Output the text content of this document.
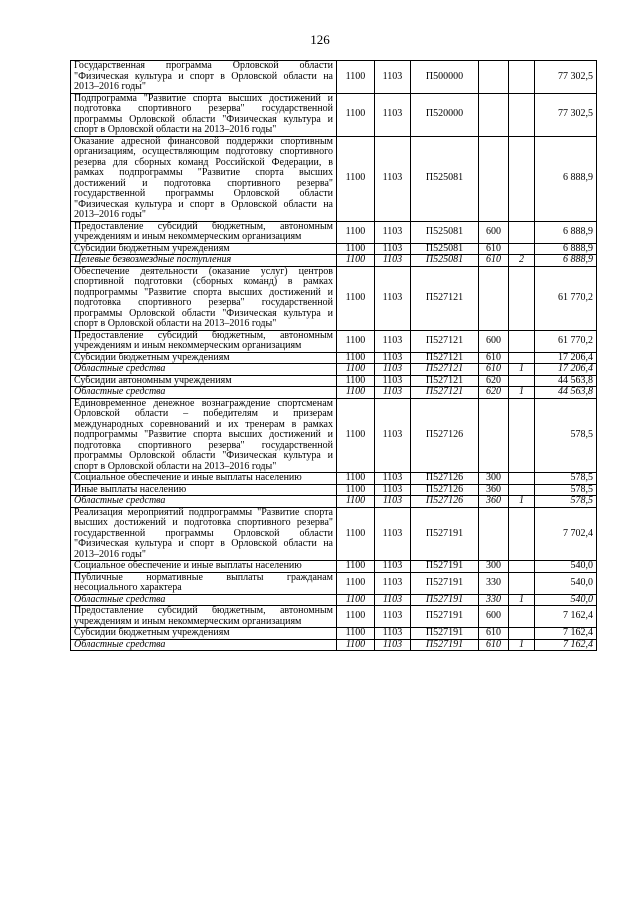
126
Государственная программа Орловской области "Физическая культура и спорт в Орловской области на 2013–2016 годы"	1100	1103	П500000			77 302,5
Подпрограмма "Развитие спорта высших достижений и подготовка спортивного резерва" государственной программы Орловской области "Физическая культура и спорт в Орловской области на 2013–2016 годы"	1100	1103	П520000			77 302,5
Оказание адресной финансовой поддержки спортивным организациям, осуществляющим подготовку спортивного резерва для сборных команд Российской Федерации, в рамках подпрограммы "Развитие спорта высших достижений и подготовка спортивного резерва" государственной программы Орловской области "Физическая культура и спорт в Орловской области на 2013–2016 годы"	1100	1103	П525081			6 888,9
Предоставление субсидий бюджетным, автономным учреждениям и иным некоммерческим организациям	1100	1103	П525081	600		6 888,9
Субсидии бюджетным учреждениям	1100	1103	П525081	610		6 888,9
Целевые безвозмездные поступления	1100	1103	П525081	610	2	6 888,9
Обеспечение деятельности (оказание услуг) центров спортивной подготовки (сборных команд) в рамках подпрограммы "Развитие спорта высших достижений и подготовка спортивного резерва" государственной программы Орловской области "Физическая культура и спорт в Орловской области на 2013–2016 годы"	1100	1103	П527121			61 770,2
Предоставление субсидий бюджетным, автономным учреждениям и иным некоммерческим организациям	1100	1103	П527121	600		61 770,2
Субсидии бюджетным учреждениям	1100	1103	П527121	610		17 206,4
Областные средства	1100	1103	П527121	610	1	17 206,4
Субсидии автономным учреждениям	1100	1103	П527121	620		44 563,8
Областные средства	1100	1103	П527121	620	1	44 563,8
Единовременное денежное вознаграждение спортсменам Орловской области – победителям и призерам международных соревнований и их тренерам в рамках подпрограммы "Развитие спорта высших достижений и подготовка спортивного резерва" государственной программы Орловской области "Физическая культура и спорт в Орловской области на 2013–2016 годы"	1100	1103	П527126			578,5
Социальное обеспечение и иные выплаты населению	1100	1103	П527126	300		578,5
Иные выплаты населению	1100	1103	П527126	360		578,5
Областные средства	1100	1103	П527126	360	1	578,5
Реализация мероприятий подпрограммы "Развитие спорта высших достижений и подготовка спортивного резерва" государственной программы Орловской области "Физическая культура и спорт в Орловской области на 2013–2016 годы"	1100	1103	П527191			7 702,4
Социальное обеспечение и иные выплаты населению	1100	1103	П527191	300		540,0
Публичные нормативные выплаты гражданам несоциального характера	1100	1103	П527191	330		540,0
Областные средства	1100	1103	П527191	330	1	540,0
Предоставление субсидий бюджетным, автономным учреждениям и иным некоммерческим организациям	1100	1103	П527191	600		7 162,4
Субсидии бюджетным учреждениям	1100	1103	П527191	610		7 162,4
Областные средства	1100	1103	П527191	610	1	7 162,4
